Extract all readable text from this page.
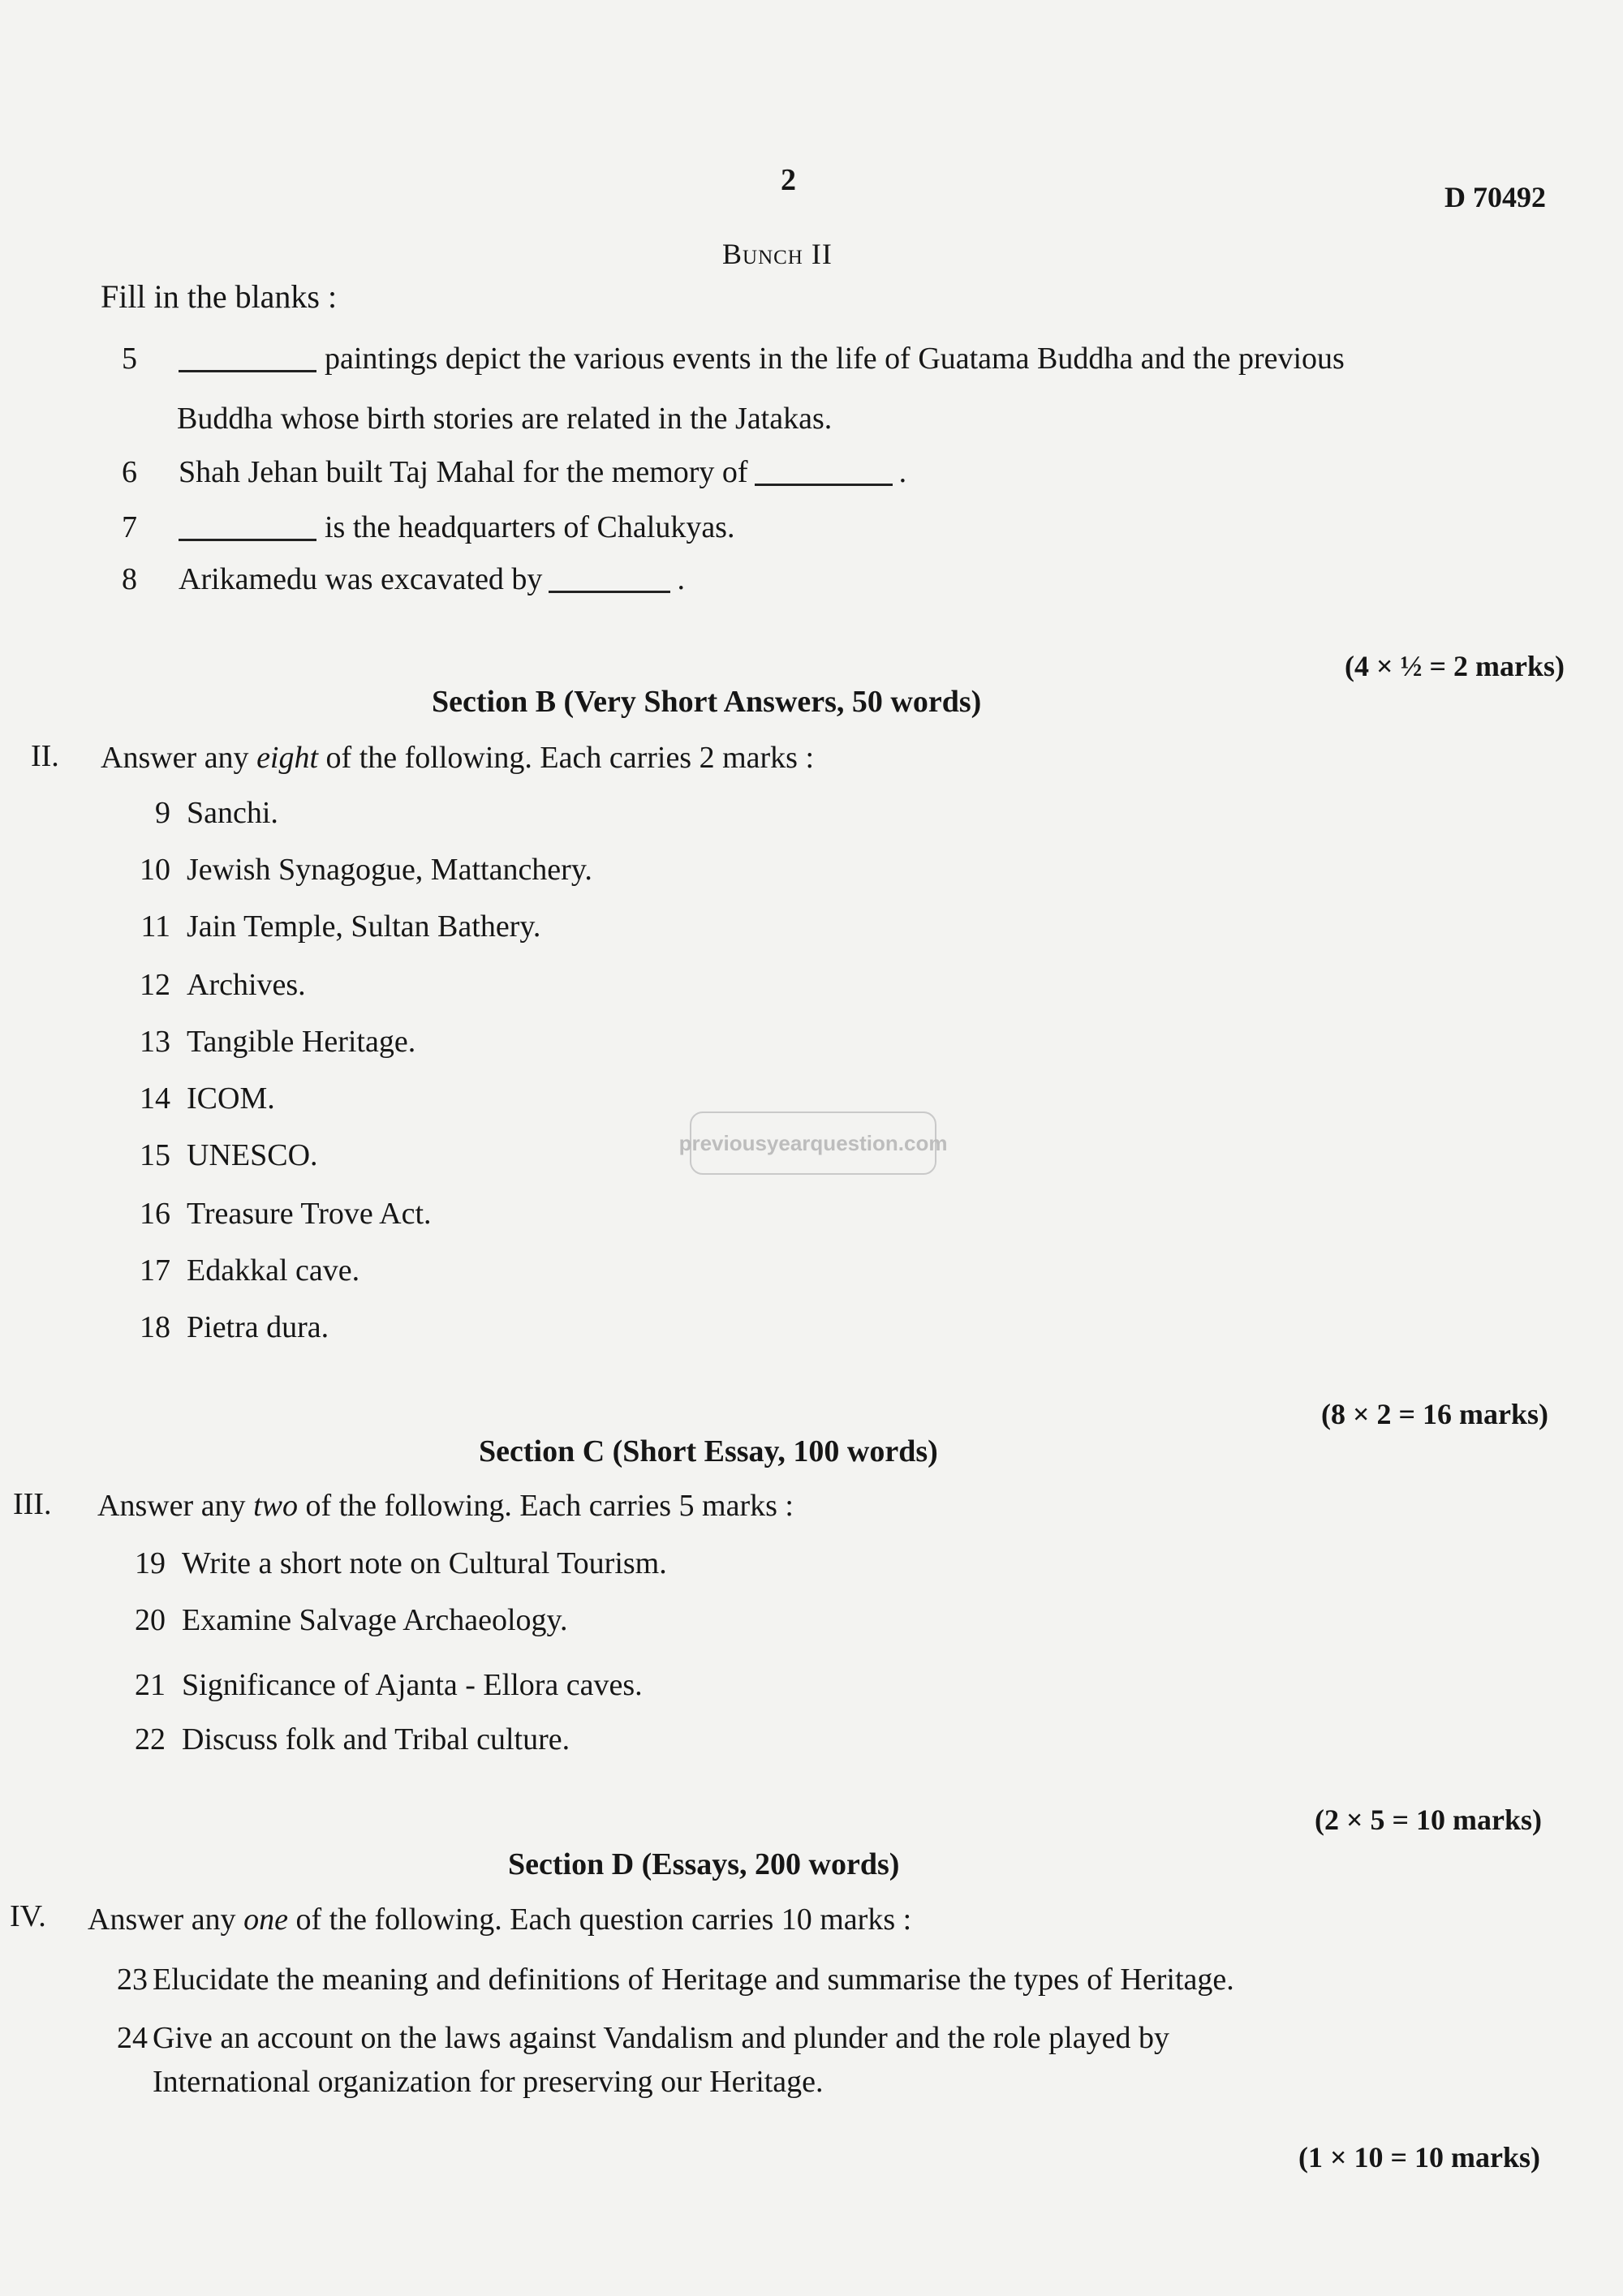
2	D 70492
Bunch II
Fill in the blanks :
5	paintings depict the various events in the life of Guatama Buddha and the previous
Buddha whose birth stories are related in the Jatakas.
6 Shah Jehan built Taj Mahal for the memory of	.
7	is the headquarters of Chalukyas.
8 Arikamedu was excavated by	.
(4 × ½ = 2 marks)
Section B (Very Short Answers, 50 words)
II. Answer any eight of the following. Each carries 2 marks :
9 Sanchi.
10 Jewish Synagogue, Mattanchery.
11 Jain Temple, Sultan Bathery.
12 Archives.
13 Tangible Heritage.
14 ICOM.
15 UNESCO.
16 Treasure Trove Act.
17 Edakkal cave.
18 Pietra dura.
(8 × 2 = 16 marks)
Section C (Short Essay, 100 words)
III. Answer any two of the following. Each carries 5 marks :
19 Write a short note on Cultural Tourism.
20 Examine Salvage Archaeology.
21 Significance of Ajanta - Ellora caves.
22 Discuss folk and Tribal culture.
(2 × 5 = 10 marks)
Section D (Essays, 200 words)
IV. Answer any one of the following. Each question carries 10 marks :
23 Elucidate the meaning and definitions of Heritage and summarise the types of Heritage.
24 Give an account on the laws against Vandalism and plunder and the role played by
International organization for preserving our Heritage.
(1 × 10 = 10 marks)
previousyearquestion.com
